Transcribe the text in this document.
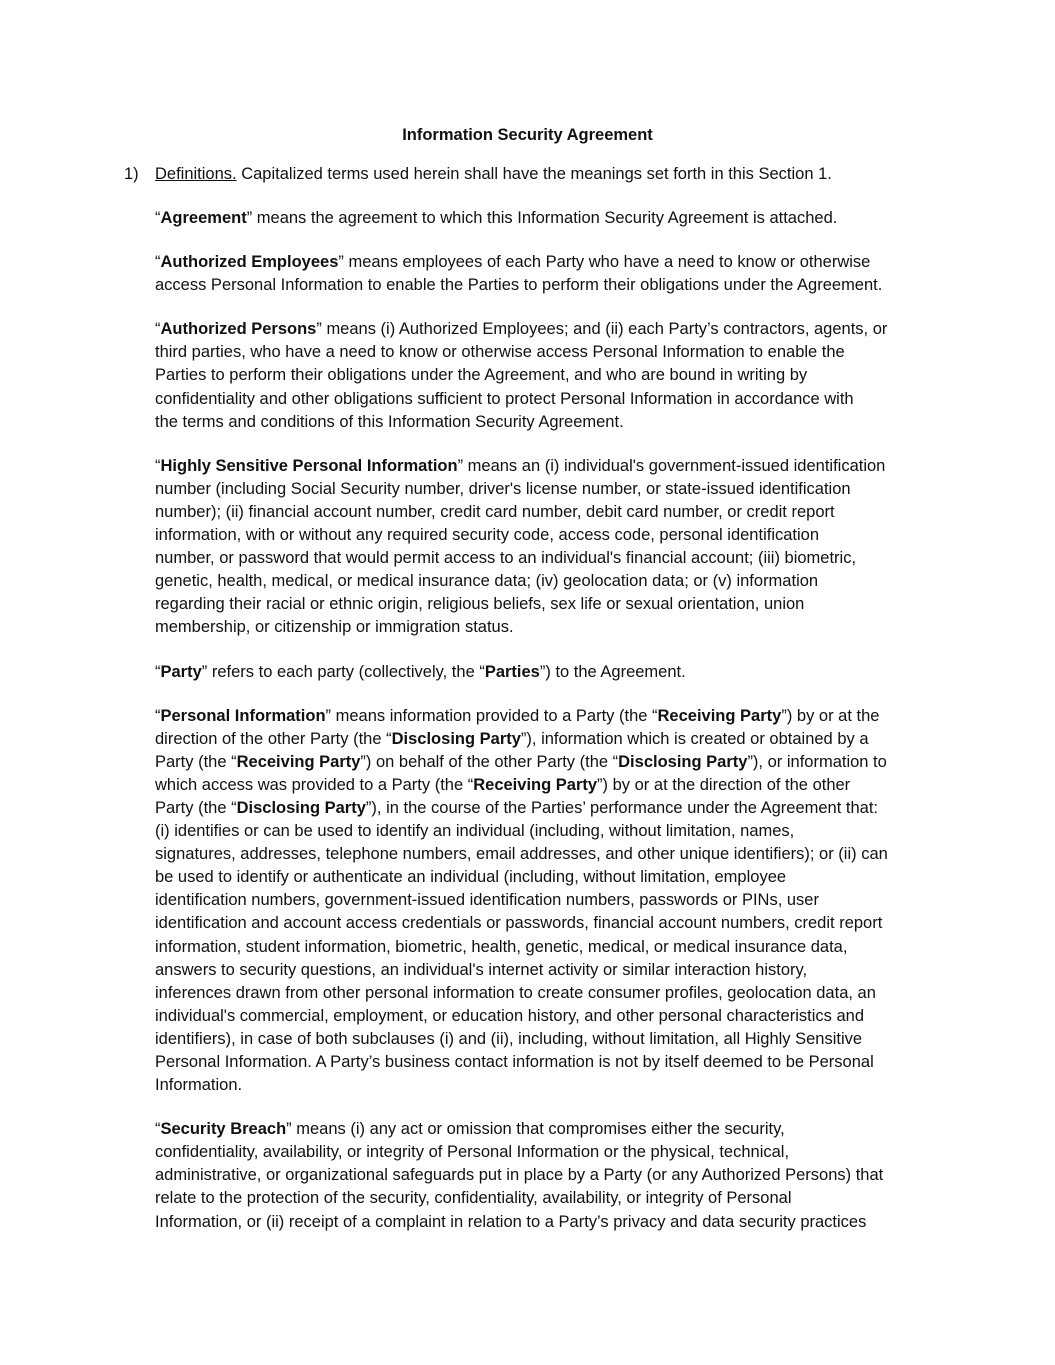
Information Security Agreement
1) Definitions. Capitalized terms used herein shall have the meanings set forth in this Section 1.
“Agreement” means the agreement to which this Information Security Agreement is attached.
“Authorized Employees” means employees of each Party who have a need to know or otherwise
access Personal Information to enable the Parties to perform their obligations under the Agreement.
“Authorized Persons” means (i) Authorized Employees; and (ii) each Party’s contractors, agents, or
third parties, who have a need to know or otherwise access Personal Information to enable the
Parties to perform their obligations under the Agreement, and who are bound in writing by
confidentiality and other obligations sufficient to protect Personal Information in accordance with
the terms and conditions of this Information Security Agreement.
“Highly Sensitive Personal Information” means an (i) individual's government-issued identification
number (including Social Security number, driver's license number, or state-issued identification
number); (ii) financial account number, credit card number, debit card number, or credit report
information, with or without any required security code, access code, personal identification
number, or password that would permit access to an individual's financial account; (iii) biometric,
genetic, health, medical, or medical insurance data; (iv) geolocation data; or (v) information
regarding their racial or ethnic origin, religious beliefs, sex life or sexual orientation, union
membership, or citizenship or immigration status.
“Party” refers to each party (collectively, the “Parties”) to the Agreement.
“Personal Information” means information provided to a Party (the “Receiving Party”) by or at the
direction of the other Party (the “Disclosing Party”), information which is created or obtained by a
Party (the “Receiving Party”) on behalf of the other Party (the “Disclosing Party”), or information to
which access was provided to a Party (the “Receiving Party”) by or at the direction of the other
Party (the “Disclosing Party”), in the course of the Parties’ performance under the Agreement that:
(i) identifies or can be used to identify an individual (including, without limitation, names,
signatures, addresses, telephone numbers, email addresses, and other unique identifiers); or (ii) can
be used to identify or authenticate an individual (including, without limitation, employee
identification numbers, government-issued identification numbers, passwords or PINs, user
identification and account access credentials or passwords, financial account numbers, credit report
information, student information, biometric, health, genetic, medical, or medical insurance data,
answers to security questions, an individual's internet activity or similar interaction history,
inferences drawn from other personal information to create consumer profiles, geolocation data, an
individual's commercial, employment, or education history, and other personal characteristics and
identifiers), in case of both subclauses (i) and (ii), including, without limitation, all Highly Sensitive
Personal Information. A Party’s business contact information is not by itself deemed to be Personal
Information.
“Security Breach” means (i) any act or omission that compromises either the security,
confidentiality, availability, or integrity of Personal Information or the physical, technical,
administrative, or organizational safeguards put in place by a Party (or any Authorized Persons) that
relate to the protection of the security, confidentiality, availability, or integrity of Personal
Information, or (ii) receipt of a complaint in relation to a Party’s privacy and data security practices
